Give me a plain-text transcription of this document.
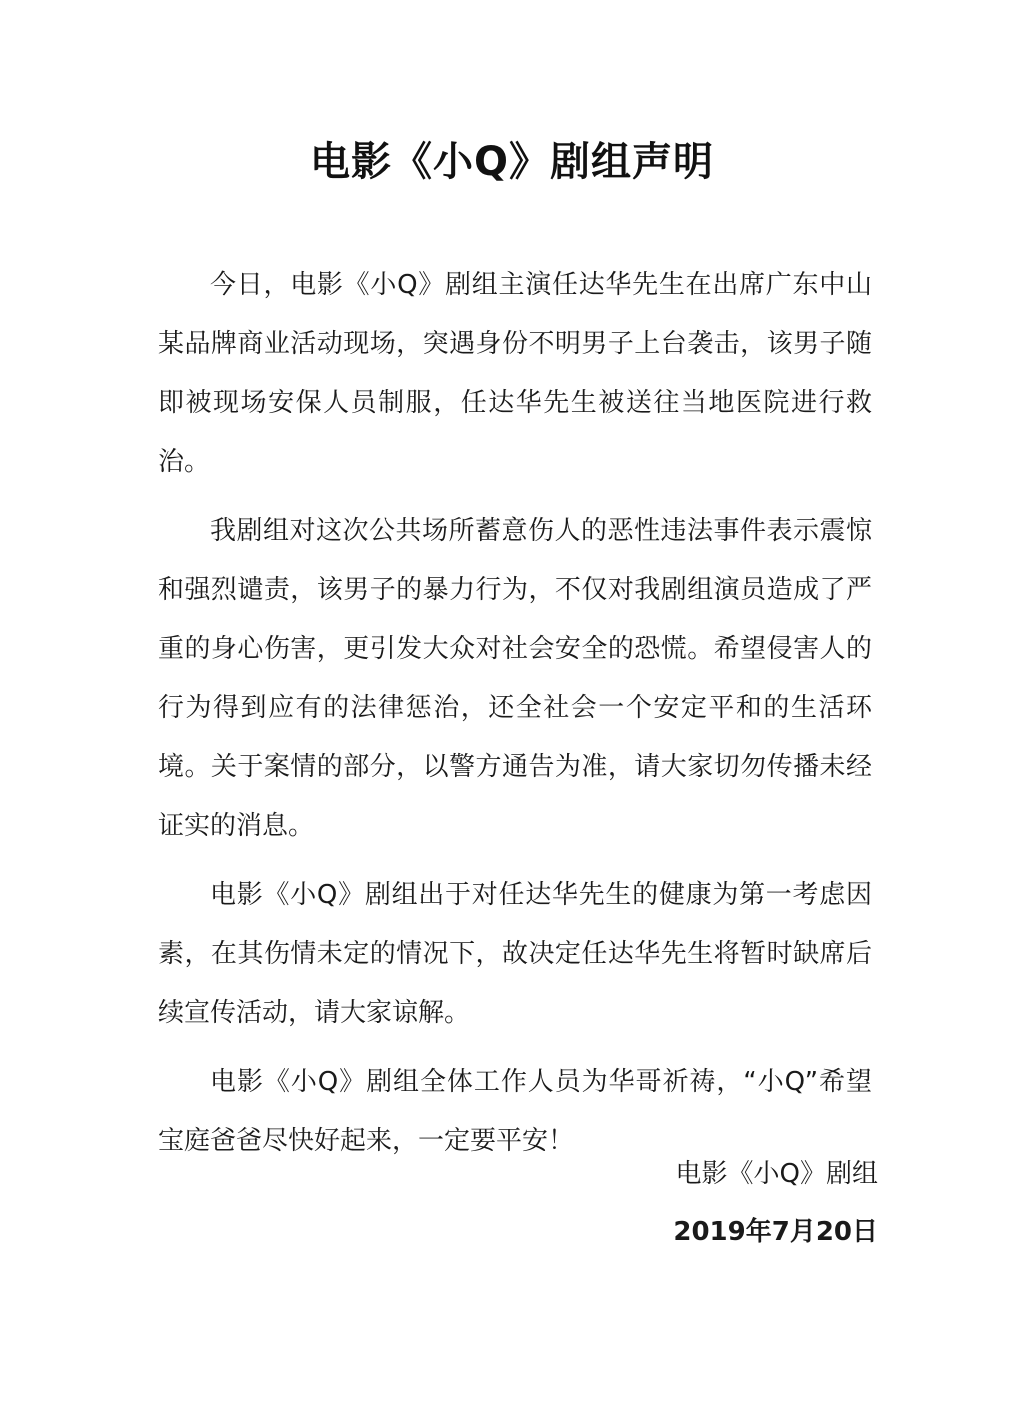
电影《小Q》剧组声明

今日，电影《小Q》剧组主演任达华先生在出席广东中山某品牌商业活动现场，突遇身份不明男子上台袭击，该男子随即被现场安保人员制服，任达华先生被送往当地医院进行救治。

我剧组对这次公共场所蓄意伤人的恶性违法事件表示震惊和强烈谴责，该男子的暴力行为，不仅对我剧组演员造成了严重的身心伤害，更引发大众对社会安全的恐慌。希望侵害人的行为得到应有的法律惩治，还全社会一个安定平和的生活环境。关于案情的部分，以警方通告为准，请大家切勿传播未经证实的消息。

电影《小Q》剧组出于对任达华先生的健康为第一考虑因素，在其伤情未定的情况下，故决定任达华先生将暂时缺席后续宣传活动，请大家谅解。

电影《小Q》剧组全体工作人员为华哥祈祷，“小Q”希望宝庭爸爸尽快好起来，一定要平安！

电影《小Q》剧组
2019年7月20日
